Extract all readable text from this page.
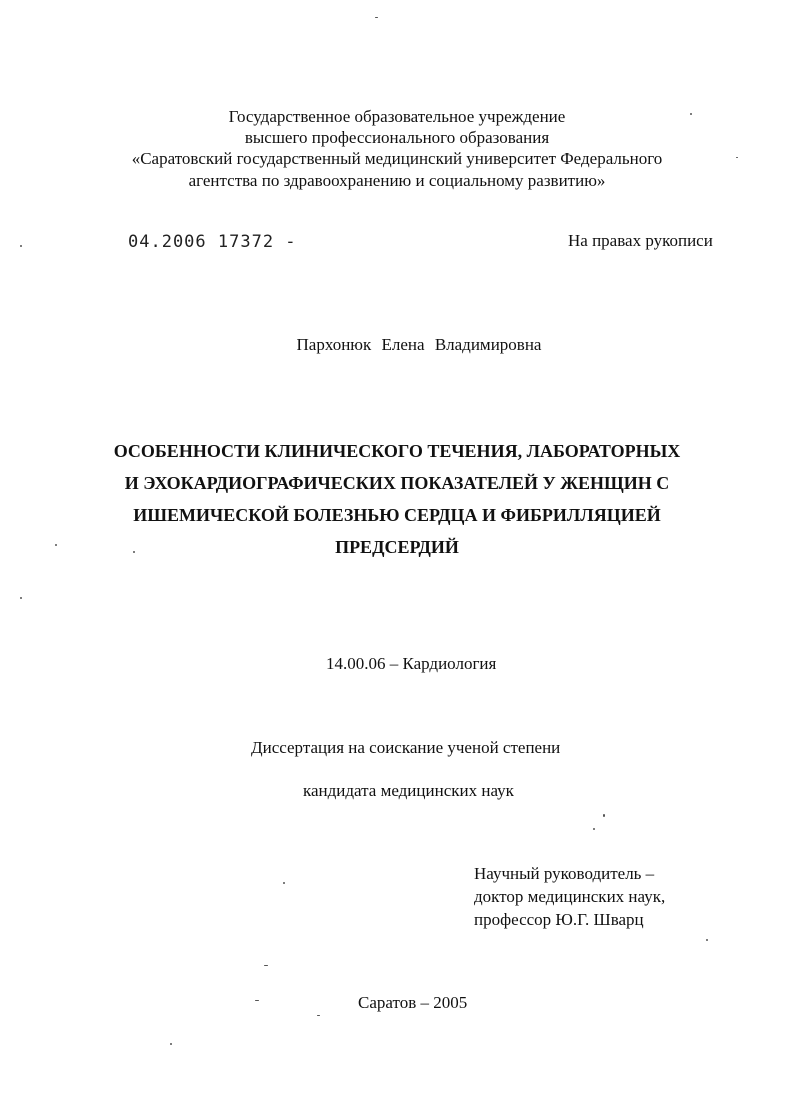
Государственное образовательное учреждение
высшего профессионального образования
«Саратовский государственный медицинский университет Федерального
агентства по здравоохранению и социальному развитию»
04.2006 17372 -	На правах рукописи
Пархонюк Елена Владимировна
ОСОБЕННОСТИ КЛИНИЧЕСКОГО ТЕЧЕНИЯ, ЛАБОРАТОРНЫХ
И ЭХОКАРДИОГРАФИЧЕСКИХ ПОКАЗАТЕЛЕЙ У ЖЕНЩИН С
ИШЕМИЧЕСКОЙ БОЛЕЗНЬЮ СЕРДЦА И ФИБРИЛЛЯЦИЕЙ
ПРЕДСЕРДИЙ
14.00.06 – Кардиология
Диссертация на соискание ученой степени
кандидата медицинских наук
Научный руководитель –
доктор медицинских наук,
профессор Ю.Г. Шварц
Саратов – 2005
